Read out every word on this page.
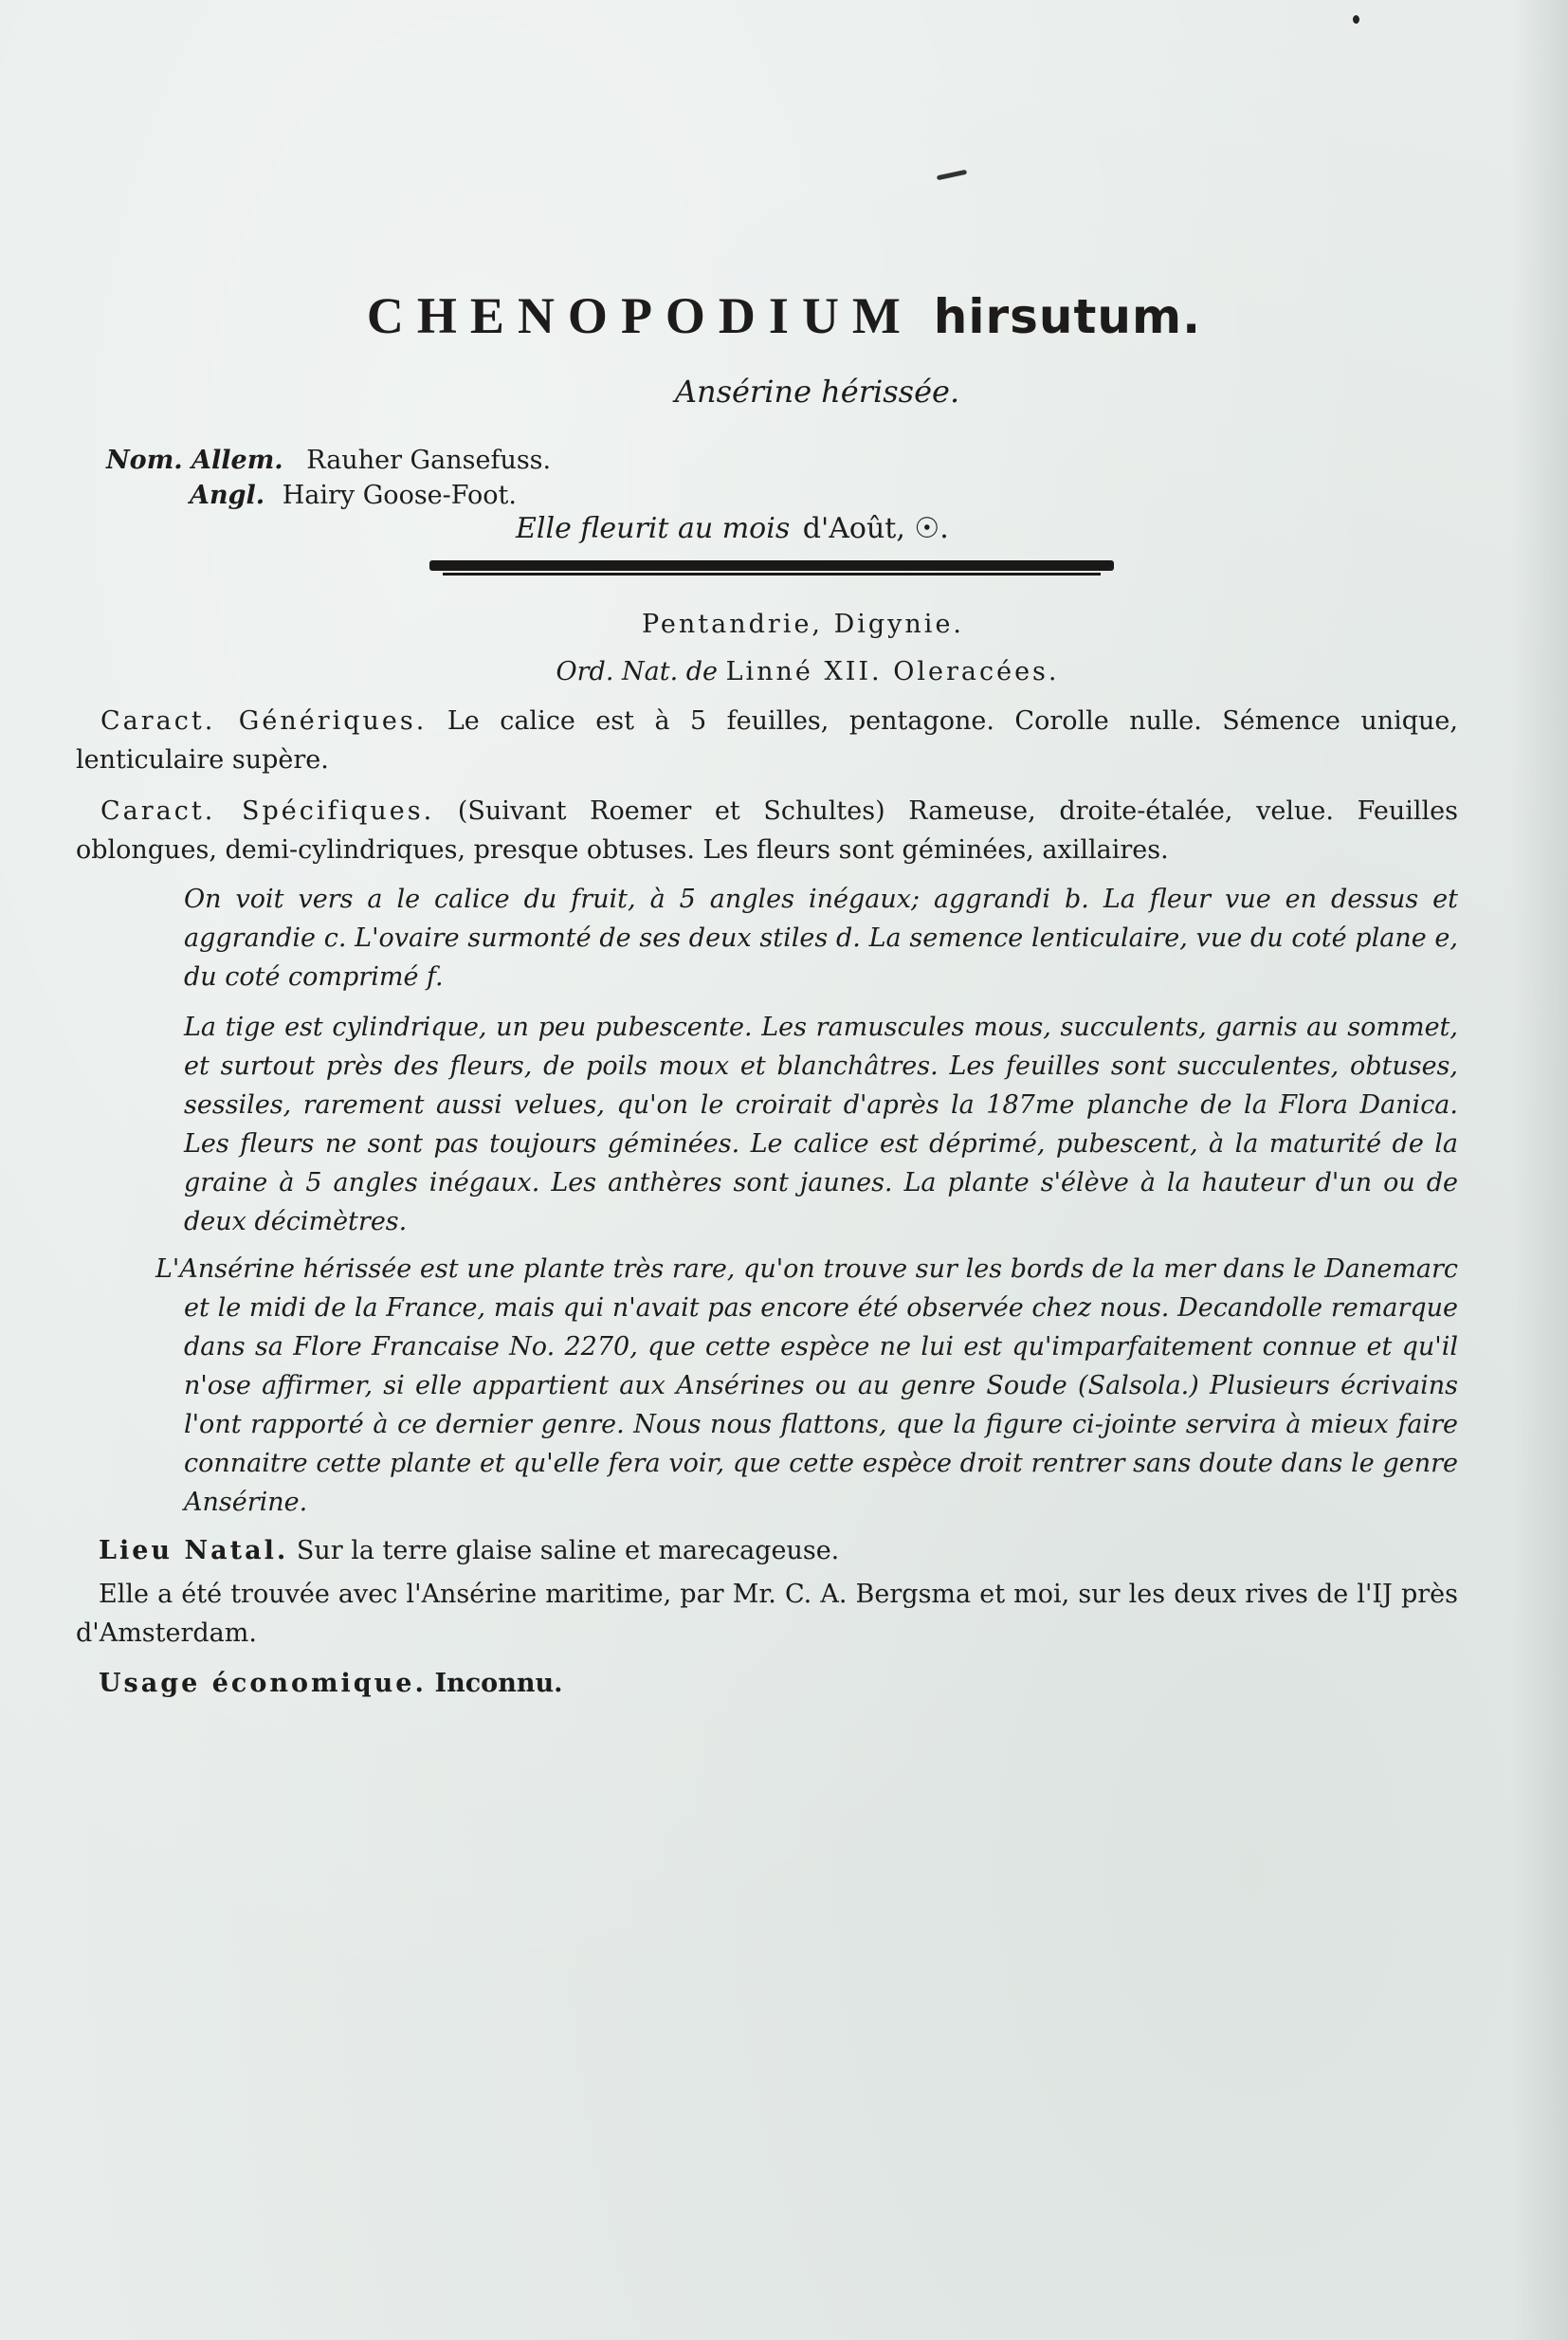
CHENOPODIUM hirsutum.
Ansérine hérissée.
Nom. Allem. Rauher Gansefuss.
Angl. Hairy Goose-Foot.
Elle fleurit au mois d'Août, ☉.
Pentandrie, Digynie.
Ord. Nat. de Linné XII. Oleracées.
Caract. Génériques. Le calice est à 5 feuilles, pentagone. Corolle nulle. Sémence unique, lenticulaire supère.
Caract. Spécifiques. (Suivant Roemer et Schultes) Rameuse, droite-étalée, velue. Feuilles oblongues, demi-cylindriques, presque obtuses. Les fleurs sont géminées, axillaires.
On voit vers a le calice du fruit, à 5 angles inégaux; aggrandi b. La fleur vue en dessus et aggrandie c. L'ovaire surmonté de ses deux stiles d. La semence lenticulaire, vue du coté plane e, du coté comprimé f.
La tige est cylindrique, un peu pubescente. Les ramuscules mous, succulents, garnis au sommet, et surtout près des fleurs, de poils moux et blanchâtres. Les feuilles sont succulentes, obtuses, sessiles, rarement aussi velues, qu'on le croirait d'après la 187me planche de la Flora Danica. Les fleurs ne sont pas toujours géminées. Le calice est déprimé, pubescent, à la maturité de la graine à 5 angles inégaux. Les anthères sont jaunes. La plante s'élève à la hauteur d'un ou de deux décimètres.
L'Ansérine hérissée est une plante très rare, qu'on trouve sur les bords de la mer dans le Danemarc et le midi de la France, mais qui n'avait pas encore été observée chez nous. Decandolle remarque dans sa Flore Francaise No. 2270, que cette espèce ne lui est qu'imparfaitement connue et qu'il n'ose affirmer, si elle appartient aux Ansérines ou au genre Soude (Salsola.) Plusieurs écrivains l'ont rapporté à ce dernier genre. Nous nous flattons, que la figure ci-jointe servira à mieux faire connaitre cette plante et qu'elle fera voir, que cette espèce droit rentrer sans doute dans le genre Ansérine.
Lieu Natal. Sur la terre glaise saline et marecageuse.
Elle a été trouvée avec l'Ansérine maritime, par Mr. C. A. Bergsma et moi, sur les deux rives de l'IJ près d'Amsterdam.
Usage économique. Inconnu.
